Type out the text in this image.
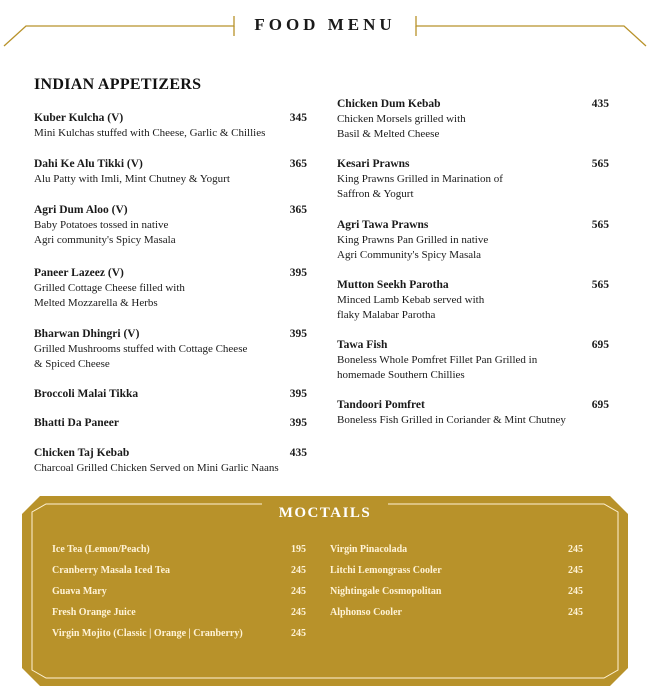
FOOD MENU
INDIAN APPETIZERS
Kuber Kulcha (V)
Mini Kulchas stuffed with Cheese, Garlic & Chillies
345
Dahi Ke Alu Tikki (V)
Alu Patty with Imli, Mint Chutney & Yogurt
365
Agri Dum Aloo (V)
Baby Potatoes tossed in native
Agri community's Spicy Masala
365
Paneer Lazeez (V)
Grilled Cottage Cheese filled with
Melted Mozzarella & Herbs
395
Bharwan Dhingri (V)
Grilled Mushrooms stuffed with Cottage Cheese
& Spiced Cheese
395
Broccoli Malai Tikka	395
Bhatti Da Paneer	395
Chicken Taj Kebab
Charcoal Grilled Chicken Served on Mini Garlic Naans
435
Chicken Dum Kebab
Chicken Morsels grilled with
Basil & Melted Cheese
435
Kesari Prawns
King Prawns Grilled in Marination of
Saffron & Yogurt
565
Agri Tawa Prawns
King Prawns Pan Grilled in native
Agri Community's Spicy Masala
565
Mutton Seekh Parotha
Minced Lamb Kebab served with
flaky Malabar Parotha
565
Tawa Fish
Boneless Whole Pomfret Fillet Pan Grilled in
homemade Southern Chillies
695
Tandoori Pomfret
Boneless Fish Grilled in Coriander & Mint Chutney
695
MOCTAILS
Ice Tea (Lemon/Peach)	195
Cranberry Masala Iced Tea	245
Guava Mary	245
Fresh Orange Juice	245
Virgin Mojito (Classic | Orange | Cranberry)	245
Virgin Pinacolada	245
Litchi Lemongrass Cooler	245
Nightingale Cosmopolitan	245
Alphonso Cooler	245
